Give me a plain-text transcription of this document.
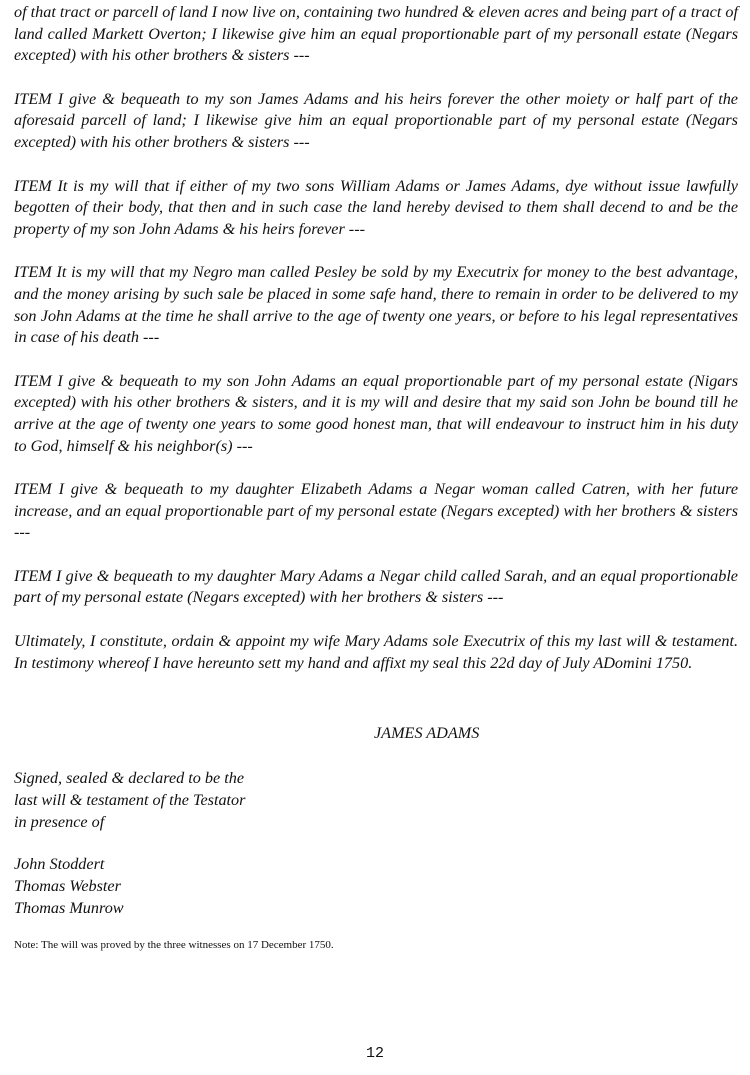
of that tract or parcell of land I now live on, containing two hundred & eleven acres and being part of a tract of land called Markett Overton; I likewise give him an equal proportionable part of my personall estate (Negars excepted) with his other brothers & sisters ---

ITEM I give & bequeath to my son James Adams and his heirs forever the other moiety or half part of the aforesaid parcell of land; I likewise give him an equal proportionable part of my personal estate (Negars excepted) with his other brothers & sisters ---

ITEM It is my will that if either of my two sons William Adams or James Adams, dye without issue lawfully begotten of their body, that then and in such case the land hereby devised to them shall decend to and be the property of my son John Adams & his heirs forever ---

ITEM It is my will that my Negro man called Pesley be sold by my Executrix for money to the best advantage, and the money arising by such sale be placed in some safe hand, there to remain in order to be delivered to my son John Adams at the time he shall arrive to the age of twenty one years, or before to his legal representatives in case of his death ---

ITEM I give & bequeath to my son John Adams an equal proportionable part of my personal estate (Nigars excepted) with his other brothers & sisters, and it is my will and desire that my said son John be bound till he arrive at the age of twenty one years to some good honest man, that will endeavour to instruct him in his duty to God, himself & his neighbor(s) ---

ITEM I give & bequeath to my daughter Elizabeth Adams a Negar woman called Catren, with her future increase, and an equal proportionable part of my personal estate (Negars excepted) with her brothers & sisters ---

ITEM I give & bequeath to my daughter Mary Adams a Negar child called Sarah, and an equal proportionable part of my personal estate (Negars excepted) with her brothers & sisters ---

Ultimately, I constitute, ordain & appoint my wife Mary Adams sole Executrix of this my last will & testament. In testimony whereof I have hereunto sett my hand and affixt my seal this 22d day of July ADomini 1750.

JAMES ADAMS
Signed, sealed & declared to be the
last will & testament of the Testator
in presence of
John Stoddert
Thomas Webster
Thomas Munrow
Note: The will was proved by the three witnesses on 17 December 1750.
12
